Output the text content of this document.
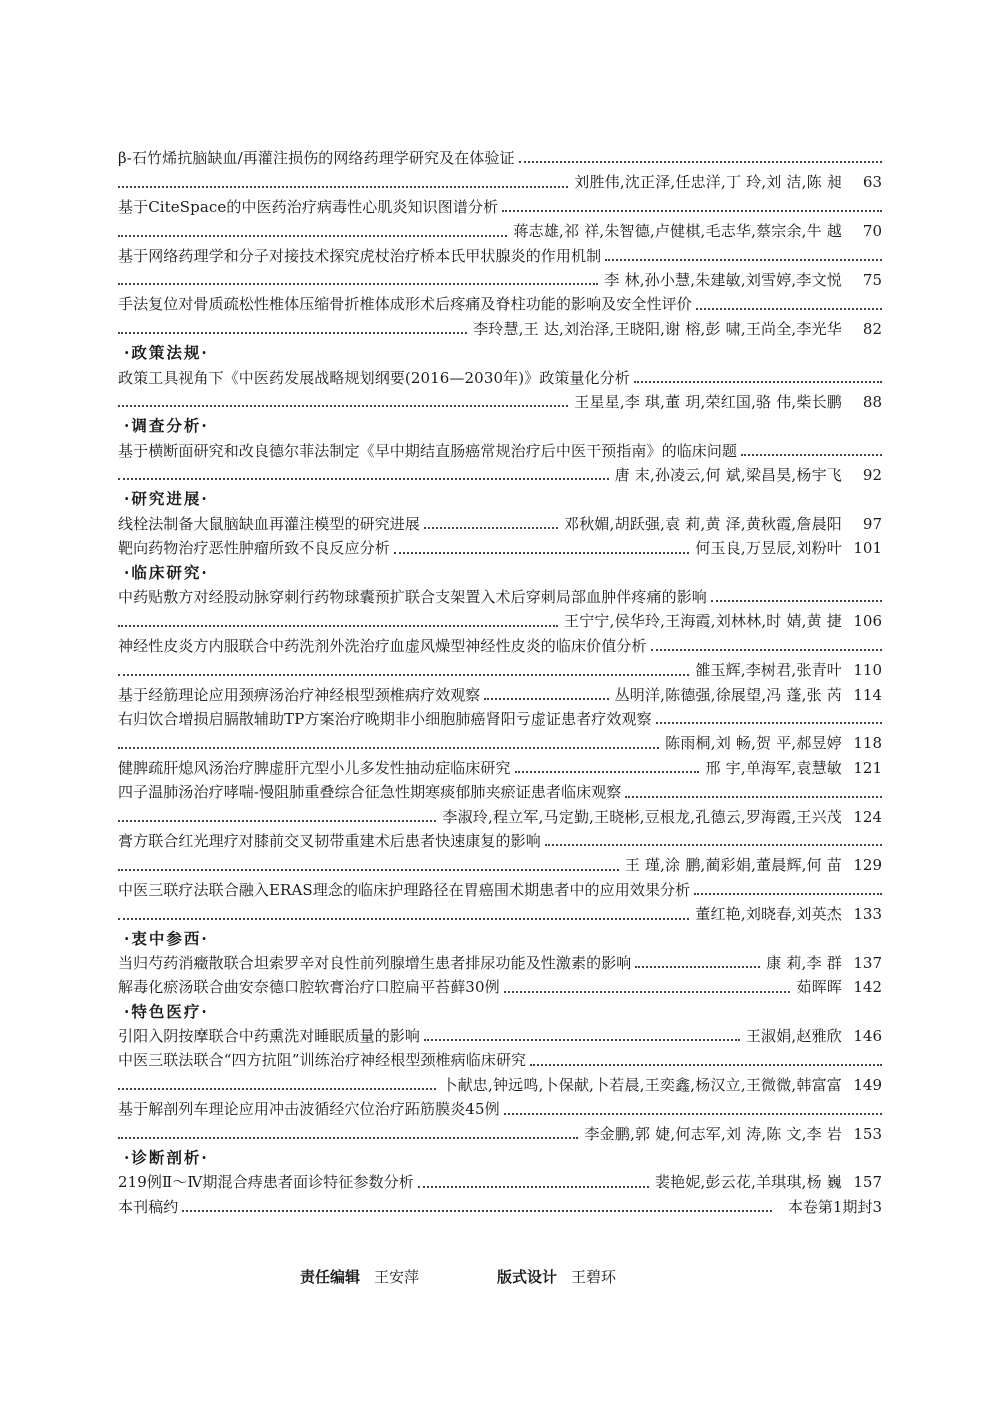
β-石竹烯抗脑缺血/再灌注损伤的网络药理学研究及在体验证
刘胜伟,沈正泽,任忠洋,丁 玲,刘 洁,陈 昶	63
基于CiteSpace的中医药治疗病毒性心肌炎知识图谱分析
蒋志雄,祁 祥,朱智德,卢健棋,毛志华,蔡宗余,牛 越	70
基于网络药理学和分子对接技术探究虎杖治疗桥本氏甲状腺炎的作用机制
李 林,孙小慧,朱建敏,刘雪婷,李文悦	75
手法复位对骨质疏松性椎体压缩骨折椎体成形术后疼痛及脊柱功能的影响及安全性评价
李玲慧,王 达,刘治泽,王晓阳,谢 榕,彭 啸,王尚全,李光华	82
·政策法规·
政策工具视角下《中医药发展战略规划纲要(2016—2030年)》政策量化分析
王星星,李 琪,董 玥,荣红国,骆 伟,柴长鹏	88
·调查分析·
基于横断面研究和改良德尔菲法制定《早中期结直肠癌常规治疗后中医干预指南》的临床问题
唐 末,孙凌云,何 斌,梁昌昊,杨宇飞	92
·研究进展·
线栓法制备大鼠脑缺血再灌注模型的研究进展	邓秋媚,胡跃强,袁 莉,黄 泽,黄秋霞,詹晨阳	97
靶向药物治疗恶性肿瘤所致不良反应分析	何玉良,万昱辰,刘粉叶 101
·临床研究·
中药贴敷方对经股动脉穿刺行药物球囊预扩联合支架置入术后穿刺局部血肿伴疼痛的影响
王宁宁,侯华玲,王海霞,刘林林,时 婧,黄 捷 106
神经性皮炎方内服联合中药洗剂外洗治疗血虚风燥型神经性皮炎的临床价值分析
雒玉辉,李树君,张青叶 110
基于经筋理论应用颈痹汤治疗神经根型颈椎病疗效观察	丛明洋,陈德强,徐展望,冯 蓬,张 芮 114
右归饮合增损启膈散辅助TP方案治疗晚期非小细胞肺癌肾阳亏虚证患者疗效观察
陈雨桐,刘 畅,贺 平,郝昱婷 118
健脾疏肝熄风汤治疗脾虚肝亢型小儿多发性抽动症临床研究	邢 宇,单海军,袁慧敏 121
四子温肺汤治疗哮喘-慢阻肺重叠综合征急性期寒痰郁肺夹瘀证患者临床观察
李淑玲,程立军,马定勤,王晓彬,豆根龙,孔德云,罗海霞,王兴茂 124
膏方联合红光理疗对膝前交叉韧带重建术后患者快速康复的影响
王 瑾,涂 鹏,蔺彩娟,董晨辉,何 苗 129
中医三联疗法联合融入ERAS理念的临床护理路径在胃癌围术期患者中的应用效果分析
董红艳,刘晓春,刘英杰 133
·衷中参西·
当归芍药消癥散联合坦索罗辛对良性前列腺增生患者排尿功能及性激素的影响	康 莉,李 群 137
解毒化瘀汤联合曲安奈德口腔软膏治疗口腔扁平苔藓30例	茹晖晖 142
·特色医疗·
引阳入阴按摩联合中药熏洗对睡眠质量的影响	王淑娟,赵雅欣 146
中医三联法联合“四方抗阻”训练治疗神经根型颈椎病临床研究
卜献忠,钟远鸣,卜保献,卜若晨,王奕鑫,杨汉立,王微微,韩富富 149
基于解剖列车理论应用冲击波循经穴位治疗跖筋膜炎45例
李金鹏,郭 婕,何志军,刘 涛,陈 文,李 岩 153
·诊断剖析·
219例Ⅱ～Ⅳ期混合痔患者面诊特征参数分析	裴艳妮,彭云花,羊琪琪,杨 巍 157
本刊稿约	本卷第1期封3
责任编辑 王安萍	版式设计 王碧环
